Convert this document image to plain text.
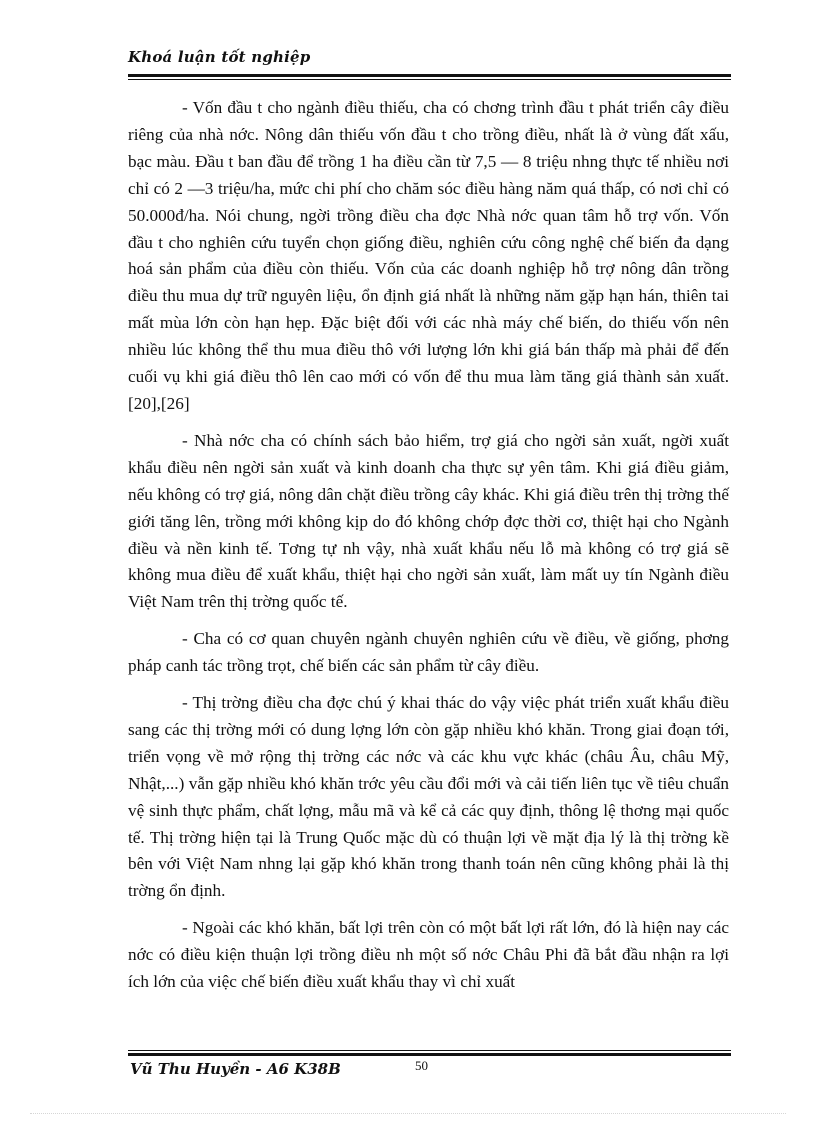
Khoá luận tốt nghiệp

- Vốn đầu t cho ngành điều thiếu, cha có chơng trình đầu t phát triển cây điều riêng của nhà nớc. Nông dân thiếu vốn đầu t cho trồng điều, nhất là ở vùng đất xấu, bạc màu. Đầu t ban đầu để trồng 1 ha điều cần từ 7,5 — 8 triệu nhng thực tế nhiều nơi chỉ có 2 —3 triệu/ha, mức chi phí cho chăm sóc điều hàng năm quá thấp, có nơi chỉ có 50.000đ/ha. Nói chung, ngời trồng điều cha đợc Nhà nớc quan tâm hỗ trợ vốn. Vốn đầu t cho nghiên cứu tuyển chọn giống điều, nghiên cứu công nghệ chế biến đa dạng hoá sản phẩm của điều còn thiếu. Vốn của các doanh nghiệp hỗ trợ nông dân trồng điều thu mua dự trữ nguyên liệu, ổn định giá nhất là những năm gặp hạn hán, thiên tai mất mùa lớn còn hạn hẹp. Đặc biệt đối với các nhà máy chế biến, do thiếu vốn nên nhiều lúc không thể thu mua điều thô với lượng lớn khi giá bán thấp mà phải để đến cuối vụ khi giá điều thô lên cao mới có vốn để thu mua làm tăng giá thành sản xuất. [20],[26]

- Nhà nớc cha có chính sách bảo hiểm, trợ giá cho ngời sản xuất, ngời xuất khẩu điều nên ngời sản xuất và kinh doanh cha thực sự yên tâm. Khi giá điều giảm, nếu không có trợ giá, nông dân chặt điều trồng cây khác. Khi giá điều trên thị trờng thế giới tăng lên, trồng mới không kịp do đó không chớp đợc thời cơ, thiệt hại cho Ngành điều và nền kinh tế. Tơng tự nh vậy, nhà xuất khẩu nếu lỗ mà không có trợ giá sẽ không mua điều để xuất khẩu, thiệt hại cho ngời sản xuất, làm mất uy tín Ngành điều Việt Nam trên thị trờng quốc tế.

- Cha có cơ quan chuyên ngành chuyên nghiên cứu về điều, về giống, phơng pháp canh tác trồng trọt, chế biến các sản phẩm từ cây điều.

- Thị trờng điều cha đợc chú ý khai thác do vậy việc phát triển xuất khẩu điều sang các thị trờng mới có dung lợng lớn còn gặp nhiều khó khăn. Trong giai đoạn tới, triển vọng về mở rộng thị trờng các nớc và các khu vực khác (châu Âu, châu Mỹ, Nhật,...) vẫn gặp nhiều khó khăn trớc yêu cầu đổi mới và cải tiến liên tục về tiêu chuẩn vệ sinh thực phẩm, chất lợng, mẫu mã và kể cả các quy định, thông lệ thơng mại quốc tế. Thị trờng hiện tại là Trung Quốc mặc dù có thuận lợi về mặt địa lý là thị trờng kề bên với Việt Nam nhng lại gặp khó khăn trong thanh toán nên cũng không phải là thị trờng ổn định.

- Ngoài các khó khăn, bất lợi trên còn có một bất lợi rất lớn, đó là hiện nay các nớc có điều kiện thuận lợi trồng điều nh một số nớc Châu Phi đã bắt đầu nhận ra lợi ích lớn của việc chế biến điều xuất khẩu thay vì chỉ xuất

Vũ Thu Huyền - A6 K38B	50
